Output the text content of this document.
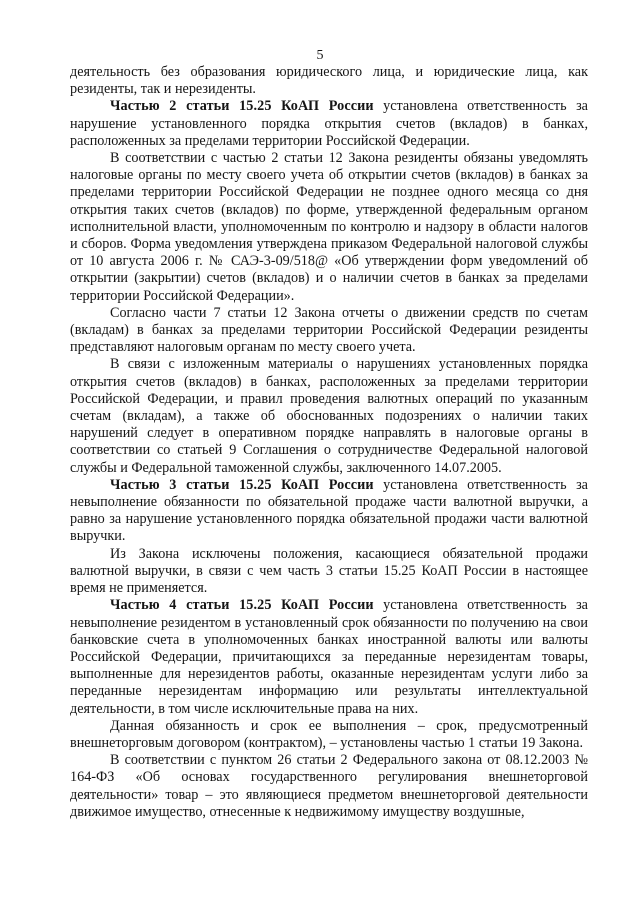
5

деятельность без образования юридического лица, и юридические лица, как резиденты, так и нерезиденты.

Частью 2 статьи 15.25 КоАП России установлена ответственность за нарушение установленного порядка открытия счетов (вкладов) в банках, расположенных за пределами территории Российской Федерации.

В соответствии с частью 2 статьи 12 Закона резиденты обязаны уведомлять налоговые органы по месту своего учета об открытии счетов (вкладов) в банках за пределами территории Российской Федерации не позднее одного месяца со дня открытия таких счетов (вкладов) по форме, утвержденной федеральным органом исполнительной власти, уполномоченным по контролю и надзору в области налогов и сборов. Форма уведомления утверждена приказом Федеральной налоговой службы от 10 августа 2006 г. № САЭ-3-09/518@ «Об утверждении форм уведомлений об открытии (закрытии) счетов (вкладов) и о наличии счетов в банках за пределами территории Российской Федерации».

Согласно части 7 статьи 12 Закона отчеты о движении средств по счетам (вкладам) в банках за пределами территории Российской Федерации резиденты представляют налоговым органам по месту своего учета.

В связи с изложенным материалы о нарушениях установленных порядка открытия счетов (вкладов) в банках, расположенных за пределами территории Российской Федерации, и правил проведения валютных операций по указанным счетам (вкладам), а также об обоснованных подозрениях о наличии таких нарушений следует в оперативном порядке направлять в налоговые органы в соответствии со статьей 9 Соглашения о сотрудничестве Федеральной налоговой службы и Федеральной таможенной службы, заключенного 14.07.2005.

Частью 3 статьи 15.25 КоАП России установлена ответственность за невыполнение обязанности по обязательной продаже части валютной выручки, а равно за нарушение установленного порядка обязательной продажи части валютной выручки.

Из Закона исключены положения, касающиеся обязательной продажи валютной выручки, в связи с чем часть 3 статьи 15.25 КоАП России в настоящее время не применяется.

Частью 4 статьи 15.25 КоАП России установлена ответственность за невыполнение резидентом в установленный срок обязанности по получению на свои банковские счета в уполномоченных банках иностранной валюты или валюты Российской Федерации, причитающихся за переданные нерезидентам товары, выполненные для нерезидентов работы, оказанные нерезидентам услуги либо за переданные нерезидентам информацию или результаты интеллектуальной деятельности, в том числе исключительные права на них.

Данная обязанность и срок ее выполнения – срок, предусмотренный внешнеторговым договором (контрактом), – установлены частью 1 статьи 19 Закона.

В соответствии с пунктом 26 статьи 2 Федерального закона от 08.12.2003 № 164-ФЗ «Об основах государственного регулирования внешнеторговой деятельности» товар – это являющиеся предметом внешнеторговой деятельности движимое имущество, отнесенные к недвижимому имуществу воздушные,
